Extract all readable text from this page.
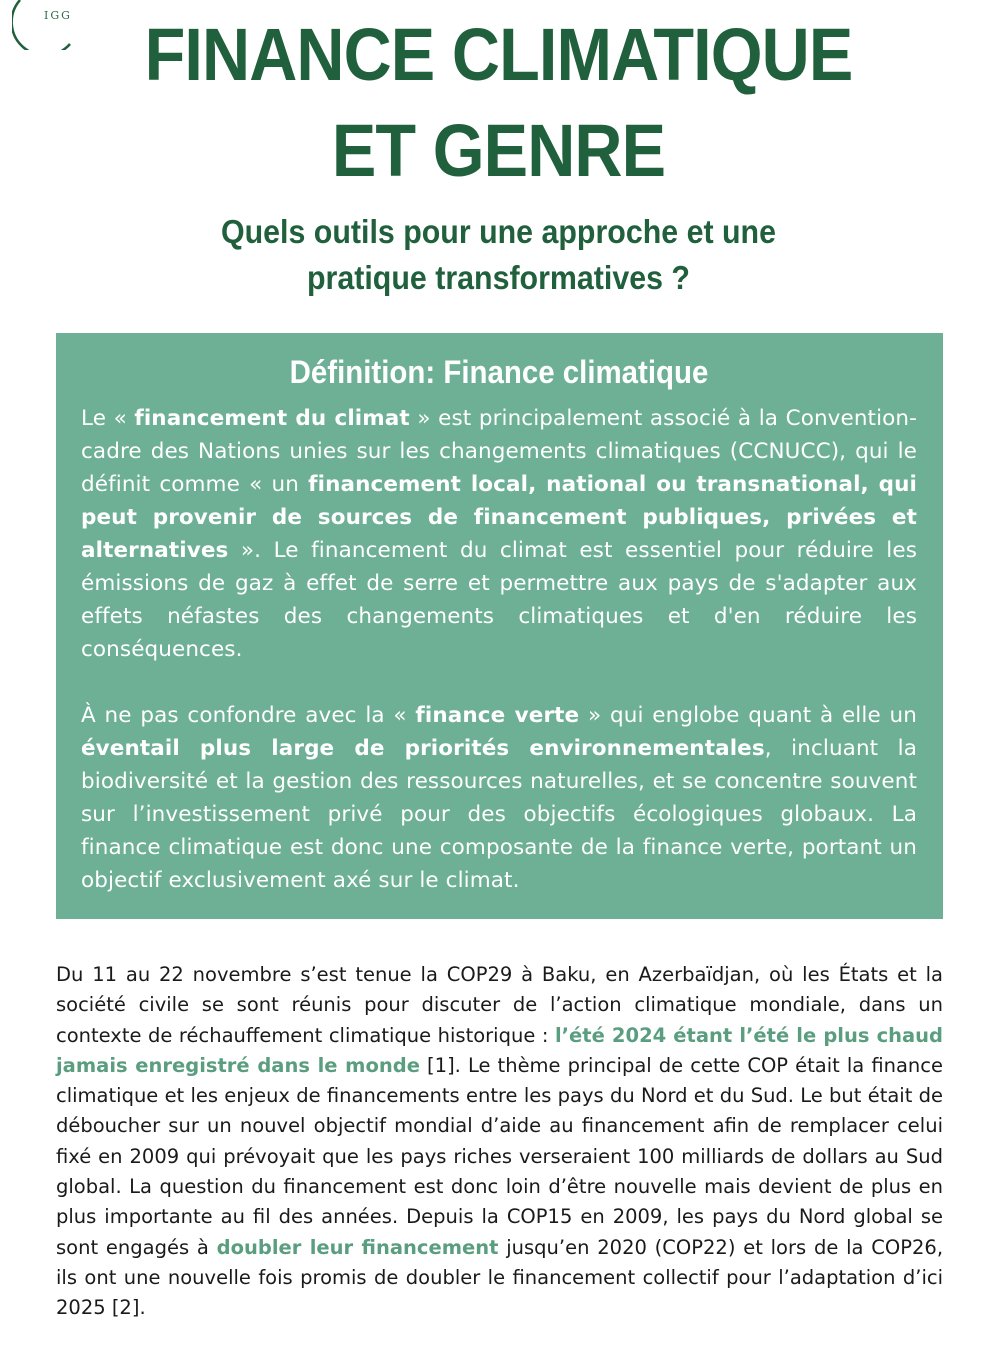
IGG FINANCE CLIMATIQUE
ET GENRE

Quels outils pour une approche et une
pratique transformatives ?

Définition: Finance climatique

Le « financement du climat » est principalement associé à la Convention-cadre des Nations unies sur les changements climatiques (CCNUCC), qui le définit comme « un financement local, national ou transnational, qui peut provenir de sources de financement publiques, privées et alternatives ». Le financement du climat est essentiel pour réduire les émissions de gaz à effet de serre et permettre aux pays de s'adapter aux effets néfastes des changements climatiques et d'en réduire les conséquences.

À ne pas confondre avec la « finance verte » qui englobe quant à elle un éventail plus large de priorités environnementales, incluant la biodiversité et la gestion des ressources naturelles, et se concentre souvent sur l’investissement privé pour des objectifs écologiques globaux. La finance climatique est donc une composante de la finance verte, portant un objectif exclusivement axé sur le climat.

Du 11 au 22 novembre s’est tenue la COP29 à Baku, en Azerbaïdjan, où les États et la société civile se sont réunis pour discuter de l’action climatique mondiale, dans un contexte de réchauffement climatique historique : l’été 2024 étant l’été le plus chaud jamais enregistré dans le monde [1]. Le thème principal de cette COP était la finance climatique et les enjeux de financements entre les pays du Nord et du Sud. Le but était de déboucher sur un nouvel objectif mondial d’aide au financement afin de remplacer celui fixé en 2009 qui prévoyait que les pays riches verseraient 100 milliards de dollars au Sud global. La question du financement est donc loin d’être nouvelle mais devient de plus en plus importante au fil des années. Depuis la COP15 en 2009, les pays du Nord global se sont engagés à doubler leur financement jusqu’en 2020 (COP22) et lors de la COP26, ils ont une nouvelle fois promis de doubler le financement collectif pour l’adaptation d’ici 2025 [2].
